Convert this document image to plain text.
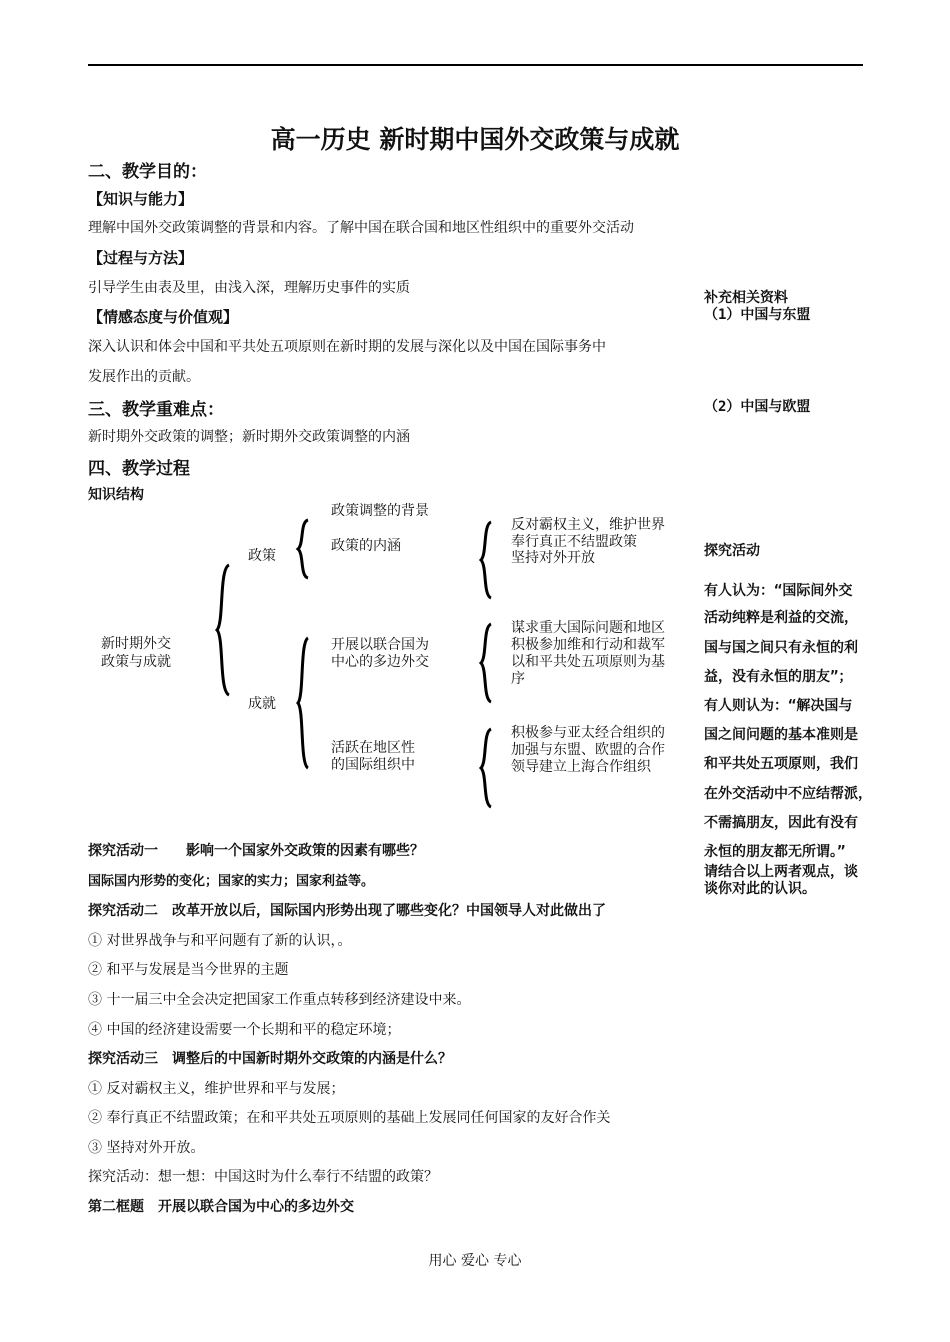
高一历史 新时期中国外交政策与成就
二、教学目的：
【知识与能力】
理解中国外交政策调整的背景和内容。了解中国在联合国和地区性组织中的重要外交活动
【过程与方法】
引导学生由表及里，由浅入深，理解历史事件的实质
【情感态度与价值观】
深入认识和体会中国和平共处五项原则在新时期的发展与深化以及中国在国际事务中
发展作出的贡献。
三、教学重难点：
新时期外交政策的调整；新时期外交政策调整的内涵
四、教学过程
知识结构
新时期外交
政策与成就
政策
成就
政策调整的背景
政策的内涵
开展以联合国为
中心的多边外交
活跃在地区性
的国际组织中
反对霸权主义，维护世界
奉行真正不结盟政策
坚持对外开放
谋求重大国际问题和地区
积极参加维和行动和裁军
以和平共处五项原则为基
序
积极参与亚太经合组织的
加强与东盟、欧盟的合作
领导建立上海合作组织
探究活动一　　影响一个国家外交政策的因素有哪些？
国际国内形势的变化；国家的实力；国家利益等。
探究活动二　改革开放以后，国际国内形势出现了哪些变化？中国领导人对此做出了
① 对世界战争与和平问题有了新的认识，。
② 和平与发展是当今世界的主题
③ 十一届三中全会决定把国家工作重点转移到经济建设中来。
④ 中国的经济建设需要一个长期和平的稳定环境；
探究活动三　调整后的中国新时期外交政策的内涵是什么？
① 反对霸权主义，维护世界和平与发展；
② 奉行真正不结盟政策；在和平共处五项原则的基础上发展同任何国家的友好合作关
③ 坚持对外开放。
探究活动：想一想：中国这时为什么奉行不结盟的政策？
第二框题　开展以联合国为中心的多边外交
补充相关资料
（1）中国与东盟
（2）中国与欧盟
探究活动
有人认为：“国际间外交
活动纯粹是利益的交流，
国与国之间只有永恒的利
益，没有永恒的朋友”；
有人则认为：“解决国与
国之间问题的基本准则是
和平共处五项原则，我们
在外交活动中不应结帮派，
不需搞朋友，因此有没有
永恒的朋友都无所谓。”
请结合以上两者观点，谈
谈你对此的认识。
用心 爱心 专心
